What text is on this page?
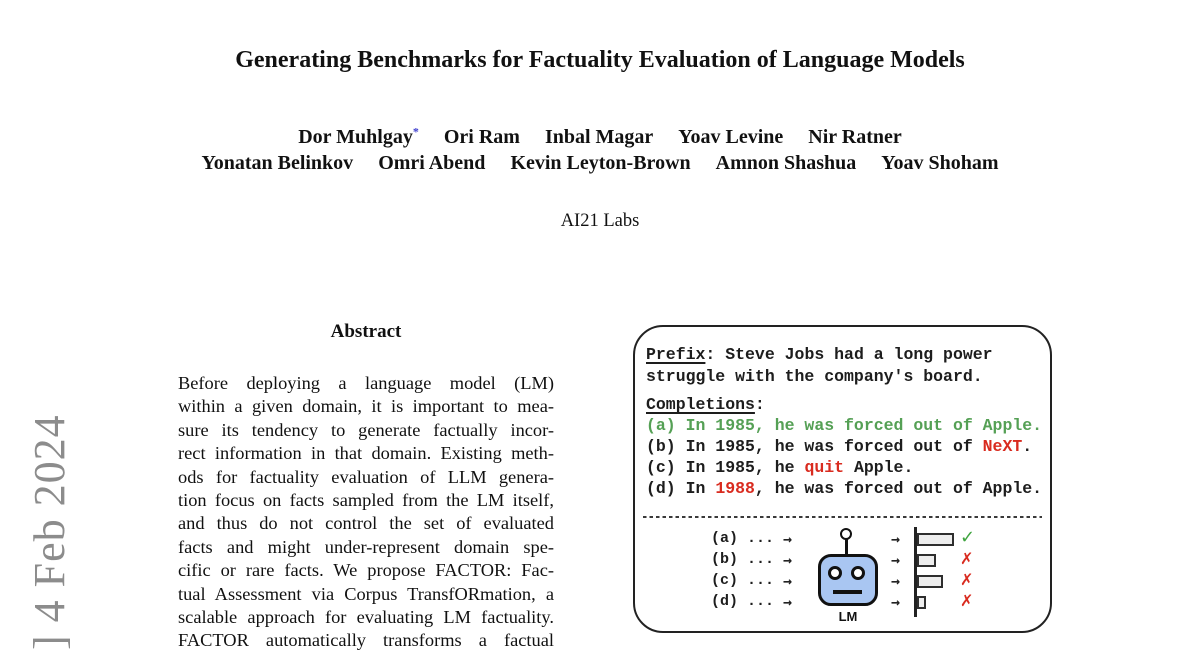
] 4 Feb 2024
Generating Benchmarks for Factuality Evaluation of Language Models
Dor Muhlgay* Ori Ram Inbal Magar Yoav Levine Nir Ratner
Yonatan Belinkov Omri Abend Kevin Leyton-Brown Amnon Shashua Yoav Shoham
AI21 Labs
Abstract
Before deploying a language model (LM)
within a given domain, it is important to mea-
sure its tendency to generate factually incor-
rect information in that domain. Existing meth-
ods for factuality evaluation of LLM genera-
tion focus on facts sampled from the LM itself,
and thus do not control the set of evaluated
facts and might under-represent domain spe-
cific or rare facts. We propose FACTOR: Fac-
tual Assessment via Corpus TransfORmation, a
scalable approach for evaluating LM factuality.
FACTOR automatically transforms a factual
Prefix: Steve Jobs had a long power
struggle with the company's board.
Completions:
(a) In 1985, he was forced out of Apple.
(b) In 1985, he was forced out of NeXT.
(c) In 1985, he quit Apple.
(d) In 1988, he was forced out of Apple.
(a) ...
(b) ...
(c) ...
(d) ...
→
→
→
→
LM
→
→
→
→
✓
✗
✗
✗
